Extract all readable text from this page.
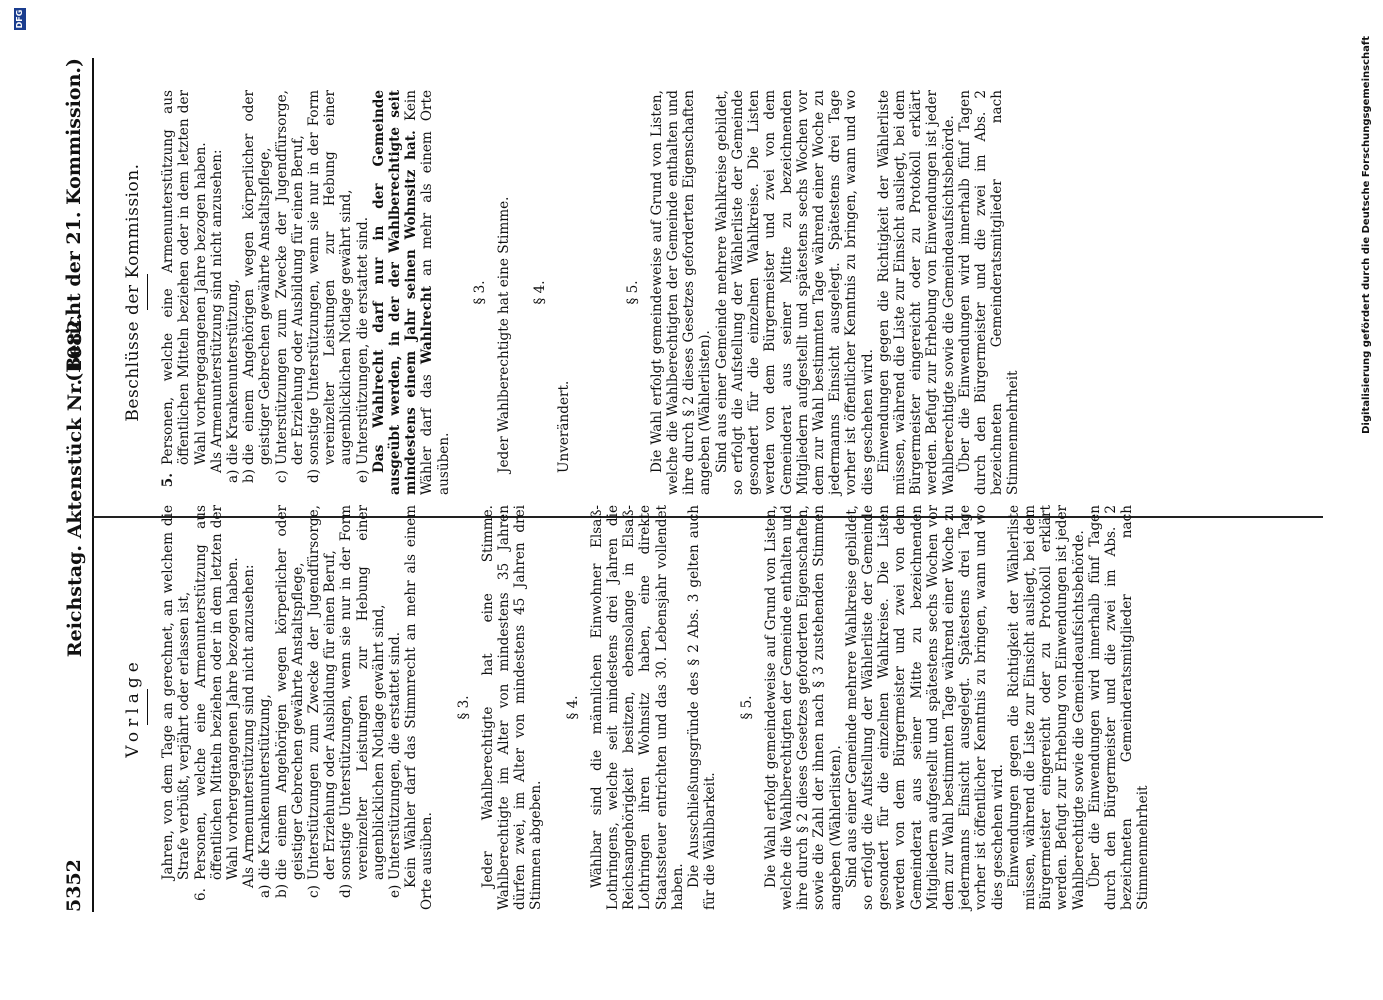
DFG
5352
Reichstag. Aktenstück Nr. 1082.
(Bericht der 21. Kommission.)
Vorlage Jahren, von dem Tage an gerechnet, an welchem die Strafe verbüßt, verjährt oder erlassen ist,
6.
Personen, welche eine Armenunterstützung aus öffentlichen Mitteln beziehen oder in dem letzten der Wahl vorhergegangenen Jahre bezogen haben. Als Armenunterstützung sind nicht anzusehen:

a)
die Krankenunterstützung,
b)
die einem Angehörigen wegen körperlicher oder geistiger Gebrechen gewährte Anstaltspflege,
c)
Unterstützungen zum Zwecke der Jugendfürsorge, der Erziehung oder Ausbildung für einen Beruf,
d)
sonstige Unterstützungen, wenn sie nur in der Form vereinzelter Leistungen zur Hebung einer augenblicklichen Notlage gewährt sind,
e)
Unterstützungen, die erstattet sind. Kein Wähler darf das Stimmrecht an mehr als einem Orte ausüben.

§ 3. Jeder Wahlberechtigte hat eine Stimme. Wahlberechtigte im Alter von mindestens 35 Jahren dürfen zwei, im Alter von mindestens 45 Jahren drei Stimmen abgeben.

§ 4. Wählbar sind die männlichen Einwohner Elsaß-Lothringens, welche seit mindestens drei Jahren die Reichsangehörigkeit besitzen, ebensolange in Elsaß-Lothringen ihren Wohnsitz haben, eine direkte Staatssteuer entrichten und das 30. Lebensjahr vollendet haben. Die Ausschließungsgründe des § 2 Abs. 3 gelten auch für die Wählbarkeit.

§ 5. Die Wahl erfolgt gemeindeweise auf Grund von Listen, welche die Wahlberechtigten der Gemeinde enthalten und ihre durch § 2 dieses Gesetzes geforderten Eigenschaften, sowie die Zahl der ihnen nach § 3 zustehenden Stimmen angeben (Wählerlisten). Sind aus einer Gemeinde mehrere Wahlkreise gebildet, so erfolgt die Aufstellung der Wählerliste der Gemeinde gesondert für die einzelnen Wahlkreise. Die Listen werden von dem Bürgermeister und zwei von dem Gemeinderat aus seiner Mitte zu bezeichnenden Mitgliedern aufgestellt und spätestens sechs Wochen vor dem zur Wahl bestimmten Tage während einer Woche zu jedermanns Einsicht ausgelegt. Spätestens drei Tage vorher ist öffentlicher Kenntnis zu bringen, wann und wo dies geschehen wird. Einwendungen gegen die Richtigkeit der Wählerliste müssen, während die Liste zur Einsicht ausliegt, bei dem Bürgermeister eingereicht oder zu Protokoll erklärt werden. Befugt zur Erhebung von Einwendungen ist jeder Wahlberechtigte sowie die Gemeindeaufsichtsbehörde. Über die Einwendungen wird innerhalb fünf Tagen durch den Bürgermeister und die zwei im Abs. 2 bezeichneten Gemeinderatsmitglieder nach Stimmenmehrheit

Beschlüsse der Kommission.
5.
Personen, welche eine Armenunterstützung aus öffentlichen Mitteln beziehen oder in dem letzten der Wahl vorhergegangenen Jahre bezogen haben. Als Armenunterstützung sind nicht anzusehen:

a)
die Krankenunterstützung,
b)
die einem Angehörigen wegen körperlicher oder geistiger Gebrechen gewährte Anstaltspflege,
c)
Unterstützungen zum Zwecke der Jugendfürsorge, der Erziehung oder Ausbildung für einen Beruf,
d)
sonstige Unterstützungen, wenn sie nur in der Form vereinzelter Leistungen zur Hebung einer augenblicklichen Notlage gewährt sind,
e)
Unterstützungen, die erstattet sind. Das Wahlrecht darf nur in der Gemeinde ausgeübt werden, in der der Wahlberechtigte seit mindestens einem Jahr seinen Wohnsitz hat. Kein Wähler darf das Wahlrecht an mehr als einem Orte ausüben.

§ 3. Jeder Wahlberechtigte hat eine Stimme. § 4.

Unverändert.

§ 5. Die Wahl erfolgt gemeindeweise auf Grund von Listen, welche die Wahlberechtigten der Gemeinde enthalten und ihre durch § 2 dieses Gesetzes geforderten Eigenschaften angeben (Wählerlisten). Sind aus einer Gemeinde mehrere Wahlkreise gebildet, so erfolgt die Aufstellung der Wählerliste der Gemeinde gesondert für die einzelnen Wahlkreise. Die Listen werden von dem Bürgermeister und zwei von dem Gemeinderat aus seiner Mitte zu bezeichnenden Mitgliedern aufgestellt und spätestens sechs Wochen vor dem zur Wahl bestimmten Tage während einer Woche zu jedermanns Einsicht ausgelegt. Spätestens drei Tage vorher ist öffentlicher Kenntnis zu bringen, wann und wo dies geschehen wird. Einwendungen gegen die Richtigkeit der Wählerliste müssen, während die Liste zur Einsicht ausliegt, bei dem Bürgermeister eingereicht oder zu Protokoll erklärt werden. Befugt zur Erhebung von Einwendungen ist jeder Wahlberechtigte sowie die Gemeindeaufsichtsbehörde. Über die Einwendungen wird innerhalb fünf Tagen durch den Bürgermeister und die zwei im Abs. 2 bezeichneten Gemeinderatsmitglieder nach Stimmenmehrheit	Digitalisierung gefördert durch die Deutsche Forschungsgemeinschaft
